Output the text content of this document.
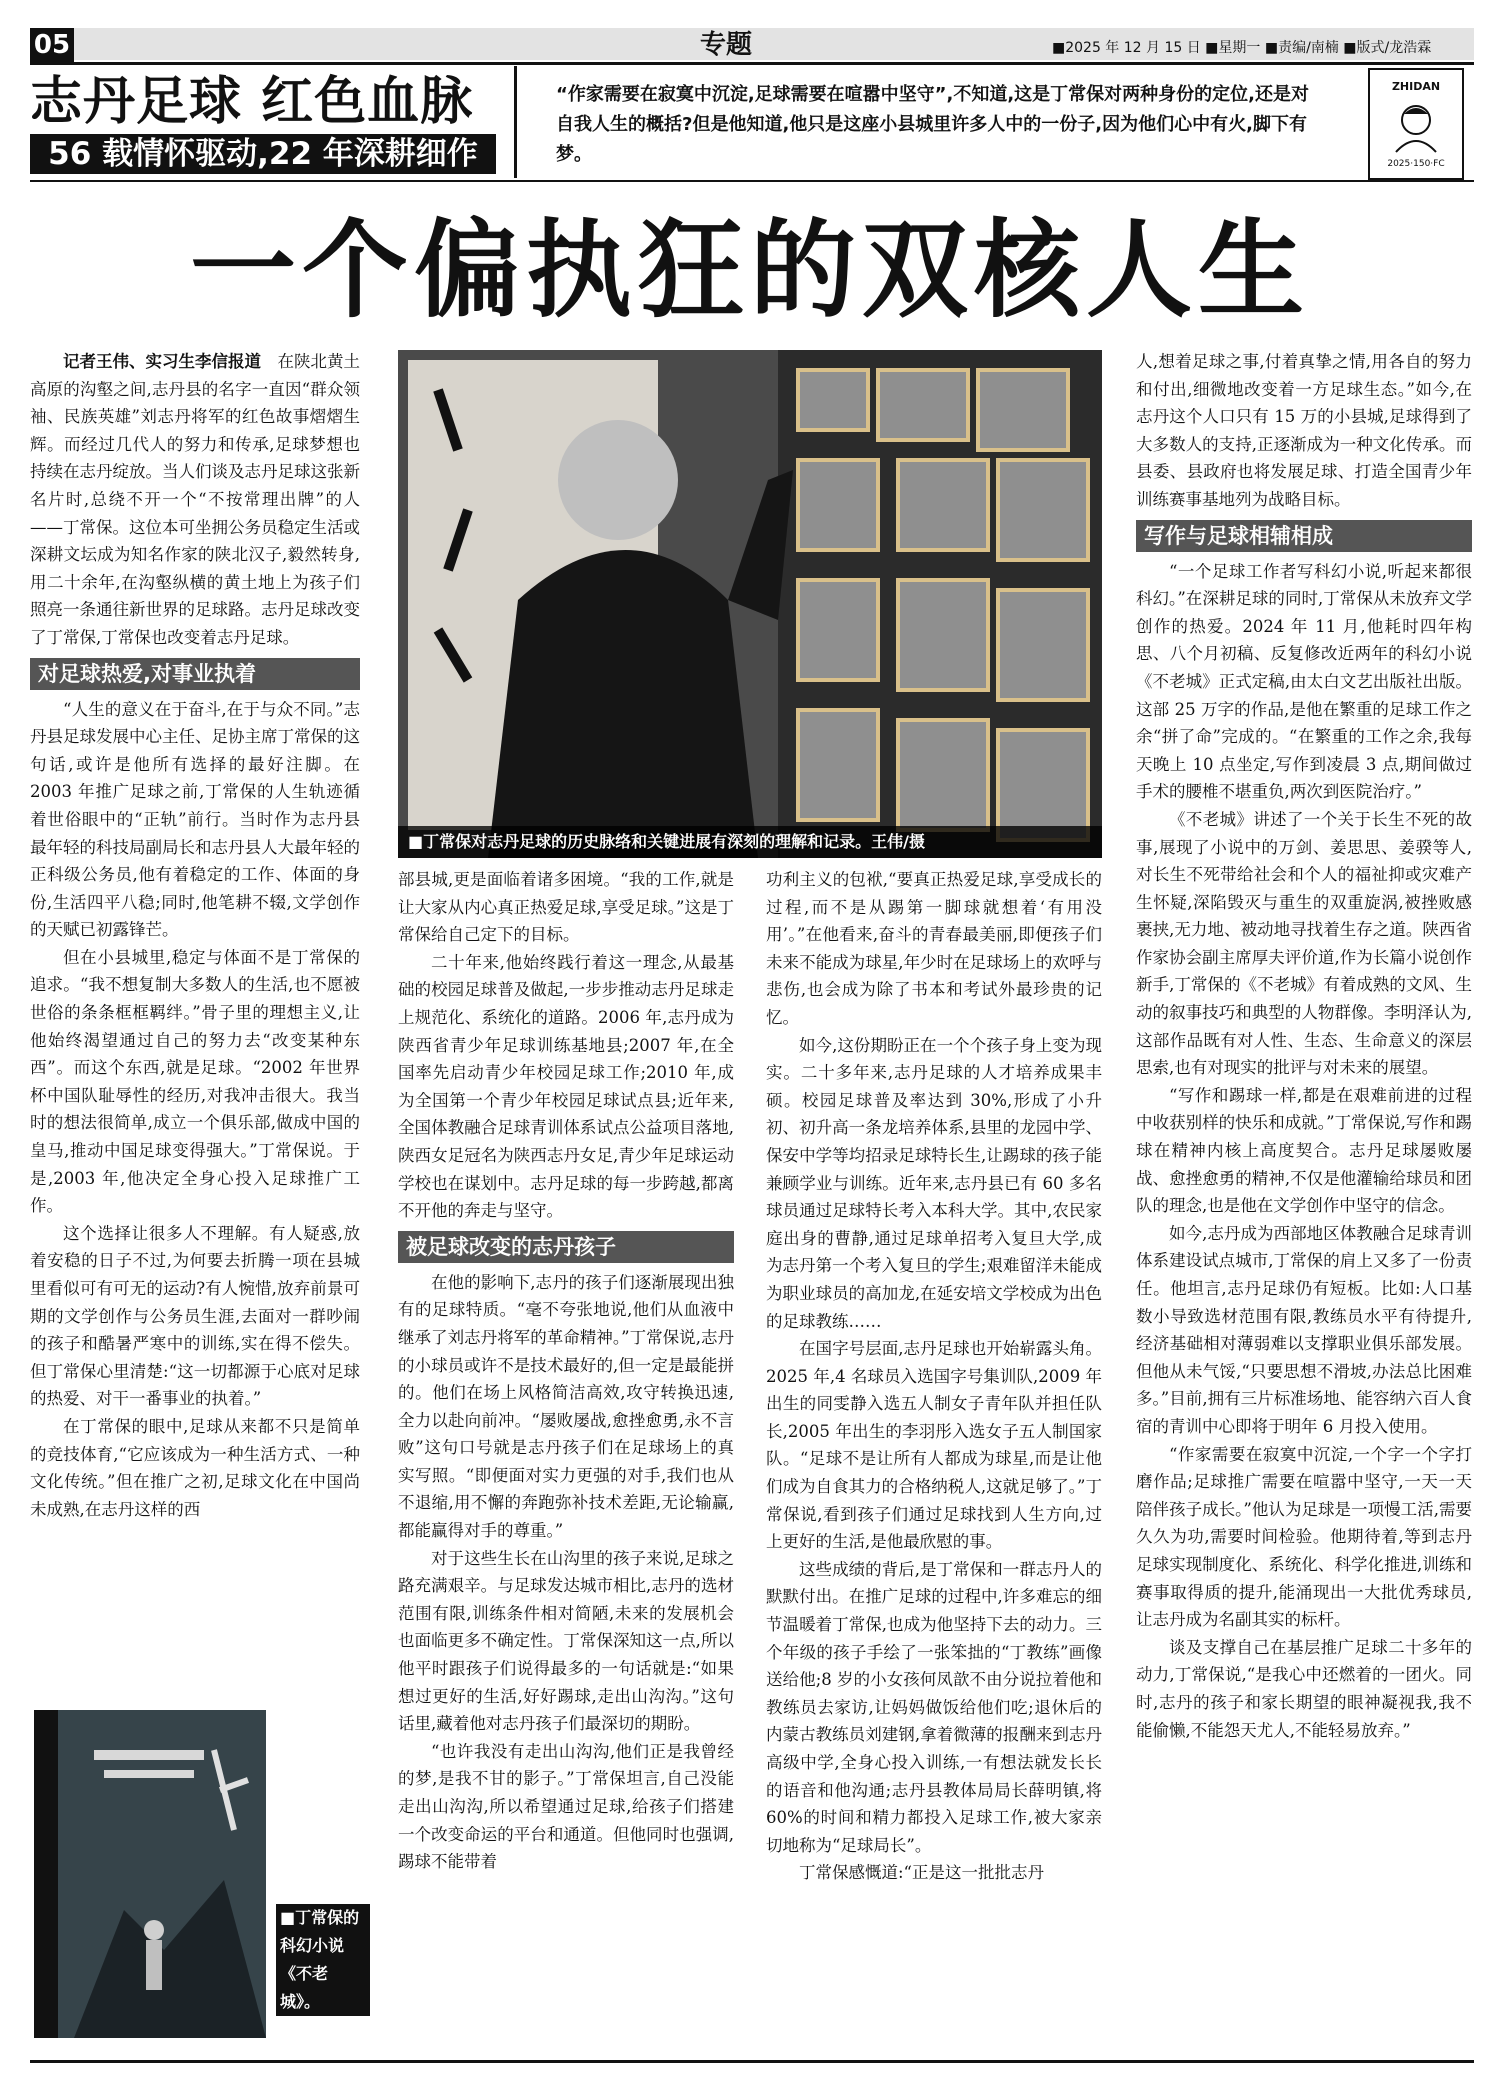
05	专题	■2025 年 12 月 15 日 ■星期一 ■责编/南楠 ■版式/龙浩霖
志丹足球 红色血脉
56 载情怀驱动,22 年深耕细作
“作家需要在寂寞中沉淀,足球需要在喧嚣中坚守”,不知道,这是丁常保对两种身份的定位,还是对自我人生的概括?但是他知道,他只是这座小县城里许多人中的一份子,因为他们心中有火,脚下有梦。
ZHIDAN
2025·150·FC
一个偏执狂的双核人生
■丁常保对志丹足球的历史脉络和关键进展有深刻的理解和记录。王伟/摄

记者王伟、实习生李信报道　 在陕北黄土高原的沟壑之间,志丹县的名字一直因“群众领袖、民族英雄”刘志丹将军的红色故事熠熠生辉。而经过几代人的努力和传承,足球梦想也持续在志丹绽放。当人们谈及志丹足球这张新名片时,总绕不开一个“不按常理出牌”的人——丁常保。这位本可坐拥公务员稳定生活或深耕文坛成为知名作家的陕北汉子,毅然转身,用二十余年,在沟壑纵横的黄土地上为孩子们照亮一条通往新世界的足球路。志丹足球改变了丁常保,丁常保也改变着志丹足球。

对足球热爱,对事业执着

“人生的意义在于奋斗,在于与众不同。”志丹县足球发展中心主任、足协主席丁常保的这句话,或许是他所有选择的最好注脚。在 2003 年推广足球之前,丁常保的人生轨迹循着世俗眼中的“正轨”前行。当时作为志丹县最年轻的科技局副局长和志丹县人大最年轻的正科级公务员,他有着稳定的工作、体面的身份,生活四平八稳;同时,他笔耕不辍,文学创作的天赋已初露锋芒。

但在小县城里,稳定与体面不是丁常保的追求。“我不想复制大多数人的生活,也不愿被世俗的条条框框羁绊。”骨子里的理想主义,让他始终渴望通过自己的努力去“改变某种东西”。而这个东西,就是足球。“2002 年世界杯中国队耻辱性的经历,对我冲击很大。我当时的想法很简单,成立一个俱乐部,做成中国的皇马,推动中国足球变得强大。”丁常保说。于是,2003 年,他决定全身心投入足球推广工作。

这个选择让很多人不理解。有人疑惑,放着安稳的日子不过,为何要去折腾一项在县城里看似可有可无的运动?有人惋惜,放弃前景可期的文学创作与公务员生涯,去面对一群吵闹的孩子和酷暑严寒中的训练,实在得不偿失。但丁常保心里清楚:“这一切都源于心底对足球的热爱、对干一番事业的执着。”

在丁常保的眼中,足球从来都不只是简单的竞技体育,“它应该成为一种生活方式、一种文化传统。”但在推广之初,足球文化在中国尚未成熟,在志丹这样的西

■丁常保的科幻小说《不老城》。

部县城,更是面临着诸多困境。“我的工作,就是让大家从内心真正热爱足球,享受足球。”这是丁常保给自己定下的目标。

二十年来,他始终践行着这一理念,从最基础的校园足球普及做起,一步步推动志丹足球走上规范化、系统化的道路。2006 年,志丹成为陕西省青少年足球训练基地县;2007 年,在全国率先启动青少年校园足球工作;2010 年,成为全国第一个青少年校园足球试点县;近年来,全国体教融合足球青训体系试点公益项目落地,陕西女足冠名为陕西志丹女足,青少年足球运动学校也在谋划中。志丹足球的每一步跨越,都离不开他的奔走与坚守。

被足球改变的志丹孩子

在他的影响下,志丹的孩子们逐渐展现出独有的足球特质。“毫不夸张地说,他们从血液中继承了刘志丹将军的革命精神。”丁常保说,志丹的小球员或许不是技术最好的,但一定是最能拼的。他们在场上风格简洁高效,攻守转换迅速,全力以赴向前冲。“屡败屡战,愈挫愈勇,永不言败”这句口号就是志丹孩子们在足球场上的真实写照。“即便面对实力更强的对手,我们也从不退缩,用不懈的奔跑弥补技术差距,无论输赢,都能赢得对手的尊重。”

对于这些生长在山沟里的孩子来说,足球之路充满艰辛。与足球发达城市相比,志丹的选材范围有限,训练条件相对简陋,未来的发展机会也面临更多不确定性。丁常保深知这一点,所以他平时跟孩子们说得最多的一句话就是:“如果想过更好的生活,好好踢球,走出山沟沟。”这句话里,藏着他对志丹孩子们最深切的期盼。

“也许我没有走出山沟沟,他们正是我曾经的梦,是我不甘的影子。”丁常保坦言,自己没能走出山沟沟,所以希望通过足球,给孩子们搭建一个改变命运的平台和通道。但他同时也强调,踢球不能带着

功利主义的包袱,“要真正热爱足球,享受成长的过程,而不是从踢第一脚球就想着‘有用没用’。”在他看来,奋斗的青春最美丽,即便孩子们未来不能成为球星,年少时在足球场上的欢呼与悲伤,也会成为除了书本和考试外最珍贵的记忆。

如今,这份期盼正在一个个孩子身上变为现实。二十多年来,志丹足球的人才培养成果丰硕。校园足球普及率达到 30%,形成了小升初、初升高一条龙培养体系,县里的龙园中学、保安中学等均招录足球特长生,让踢球的孩子能兼顾学业与训练。近年来,志丹县已有 60 多名球员通过足球特长考入本科大学。其中,农民家庭出身的曹静,通过足球单招考入复旦大学,成为志丹第一个考入复旦的学生;艰难留洋未能成为职业球员的高加龙,在延安培文学校成为出色的足球教练……

在国字号层面,志丹足球也开始崭露头角。2025 年,4 名球员入选国字号集训队,2009 年出生的同雯静入选五人制女子青年队并担任队长,2005 年出生的李羽彤入选女子五人制国家队。“足球不是让所有人都成为球星,而是让他们成为自食其力的合格纳税人,这就足够了。”丁常保说,看到孩子们通过足球找到人生方向,过上更好的生活,是他最欣慰的事。

这些成绩的背后,是丁常保和一群志丹人的默默付出。在推广足球的过程中,许多难忘的细节温暖着丁常保,也成为他坚持下去的动力。三个年级的孩子手绘了一张笨拙的“丁教练”画像送给他;8 岁的小女孩何凤歆不由分说拉着他和教练员去家访,让妈妈做饭给他们吃;退休后的内蒙古教练员刘建钢,拿着微薄的报酬来到志丹高级中学,全身心投入训练,一有想法就发长长的语音和他沟通;志丹县教体局局长薛明镇,将 60%的时间和精力都投入足球工作,被大家亲切地称为“足球局长”。

丁常保感慨道:“正是这一批批志丹

人,想着足球之事,付着真挚之情,用各自的努力和付出,细微地改变着一方足球生态。”如今,在志丹这个人口只有 15 万的小县城,足球得到了大多数人的支持,正逐渐成为一种文化传承。而县委、县政府也将发展足球、打造全国青少年训练赛事基地列为战略目标。

写作与足球相辅相成

“一个足球工作者写科幻小说,听起来都很科幻。”在深耕足球的同时,丁常保从未放弃文学创作的热爱。2024 年 11 月,他耗时四年构思、八个月初稿、反复修改近两年的科幻小说《不老城》正式定稿,由太白文艺出版社出版。这部 25 万字的作品,是他在繁重的足球工作之余“拼了命”完成的。“在繁重的工作之余,我每天晚上 10 点坐定,写作到凌晨 3 点,期间做过手术的腰椎不堪重负,两次到医院治疗。”

《不老城》讲述了一个关于长生不死的故事,展现了小说中的万剑、姜思思、姜骙等人,对长生不死带给社会和个人的福祉抑或灾难产生怀疑,深陷毁灭与重生的双重旋涡,被挫败感裹挟,无力地、被动地寻找着生存之道。陕西省作家协会副主席厚夫评价道,作为长篇小说创作新手,丁常保的《不老城》有着成熟的文风、生动的叙事技巧和典型的人物群像。李明泽认为,这部作品既有对人性、生态、生命意义的深层思索,也有对现实的批评与对未来的展望。

“写作和踢球一样,都是在艰难前进的过程中收获别样的快乐和成就。”丁常保说,写作和踢球在精神内核上高度契合。志丹足球屡败屡战、愈挫愈勇的精神,不仅是他灌输给球员和团队的理念,也是他在文学创作中坚守的信念。

如今,志丹成为西部地区体教融合足球青训体系建设试点城市,丁常保的肩上又多了一份责任。他坦言,志丹足球仍有短板。比如:人口基数小导致选材范围有限,教练员水平有待提升,经济基础相对薄弱难以支撑职业俱乐部发展。但他从未气馁,“只要思想不滑坡,办法总比困难多。”目前,拥有三片标准场地、能容纳六百人食宿的青训中心即将于明年 6 月投入使用。

“作家需要在寂寞中沉淀,一个字一个字打磨作品;足球推广需要在喧嚣中坚守,一天一天陪伴孩子成长。”他认为足球是一项慢工活,需要久久为功,需要时间检验。他期待着,等到志丹足球实现制度化、系统化、科学化推进,训练和赛事取得质的提升,能涌现出一大批优秀球员,让志丹成为名副其实的标杆。

谈及支撑自己在基层推广足球二十多年的动力,丁常保说,“是我心中还燃着的一团火。同时,志丹的孩子和家长期望的眼神凝视我,我不能偷懒,不能怨天尤人,不能轻易放弃。”
